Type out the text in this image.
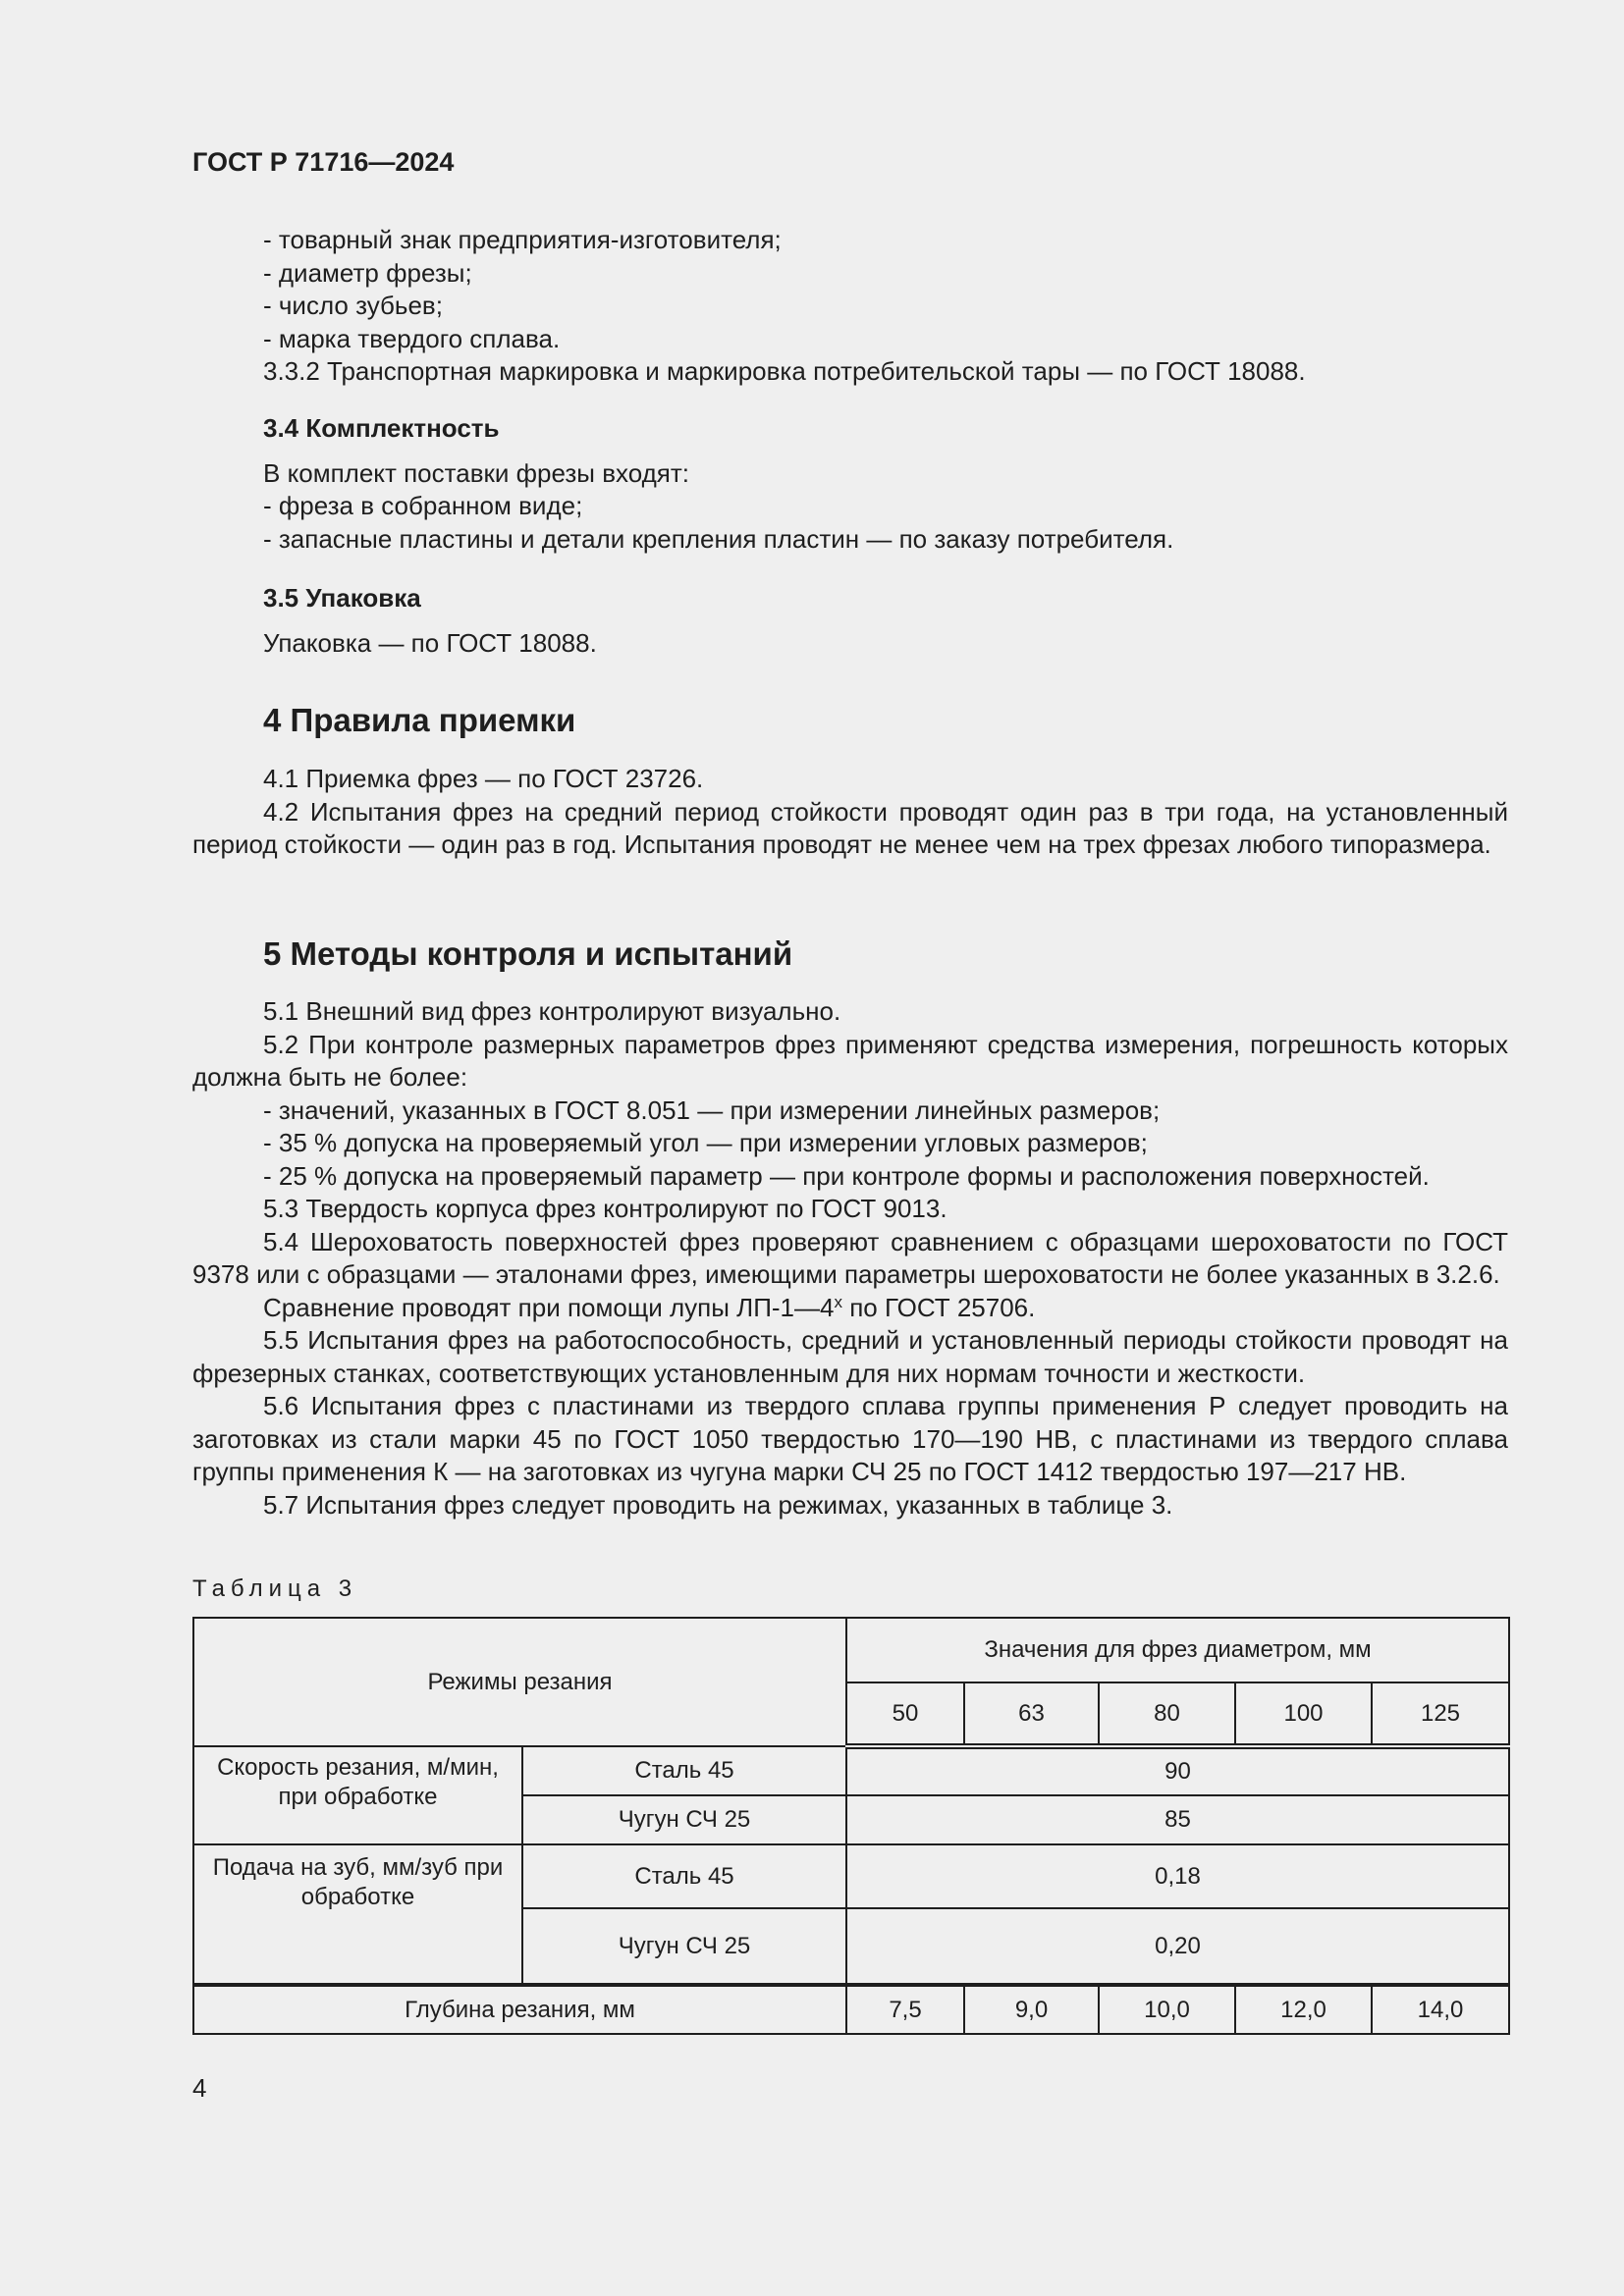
ГОСТ Р 71716—2024
- товарный знак предприятия-изготовителя;
- диаметр фрезы;
- число зубьев;
- марка твердого сплава.
3.3.2 Транспортная маркировка и маркировка потребительской тары — по ГОСТ 18088.
3.4 Комплектность
В комплект поставки фрезы входят:
- фреза в собранном виде;
- запасные пластины и детали крепления пластин — по заказу потребителя.
3.5 Упаковка
Упаковка — по ГОСТ 18088.
4 Правила приемки
4.1 Приемка фрез — по ГОСТ 23726.
4.2 Испытания фрез на средний период стойкости проводят один раз в три года, на установленный период стойкости — один раз в год. Испытания проводят не менее чем на трех фрезах любого типоразмера.
5 Методы контроля и испытаний
5.1 Внешний вид фрез контролируют визуально.
5.2 При контроле размерных параметров фрез применяют средства измерения, погрешность которых должна быть не более:
- значений, указанных в ГОСТ 8.051 — при измерении линейных размеров;
- 35 % допуска на проверяемый угол — при измерении угловых размеров;
- 25 % допуска на проверяемый параметр — при контроле формы и расположения поверхностей.
5.3 Твердость корпуса фрез контролируют по ГОСТ 9013.
5.4 Шероховатость поверхностей фрез проверяют сравнением с образцами шероховатости по ГОСТ 9378 или с образцами — эталонами фрез, имеющими параметры шероховатости не более указанных в 3.2.6.
Сравнение проводят при помощи лупы $ЛП-1—4^х$ по ГОСТ 25706.
5.5 Испытания фрез на работоспособность, средний и установленный периоды стойкости проводят на фрезерных станках, соответствующих установленным для них нормам точности и жесткости.
5.6 Испытания фрез с пластинами из твердого сплава группы применения Р следует проводить на заготовках из стали марки 45 по ГОСТ 1050 твердостью 170—190 НВ, с пластинами из твердого сплава группы применения К — на заготовках из чугуна марки СЧ 25 по ГОСТ 1412 твердостью 197—217 НВ.
5.7 Испытания фрез следует проводить на режимах, указанных в таблице 3.
Таблица 3
Режимы резания		Значения для фрез диаметром, мм				
		50	63	80	100	125
Скорость резания, м/мин, при обработке	Сталь 45	90				
	Чугун СЧ 25	85				
Подача на зуб, мм/зуб при обработке	Сталь 45	0,18				
	Чугун СЧ 25	0,20				
Глубина резания, мм		7,5	9,0	10,0	12,0	14,0
4
